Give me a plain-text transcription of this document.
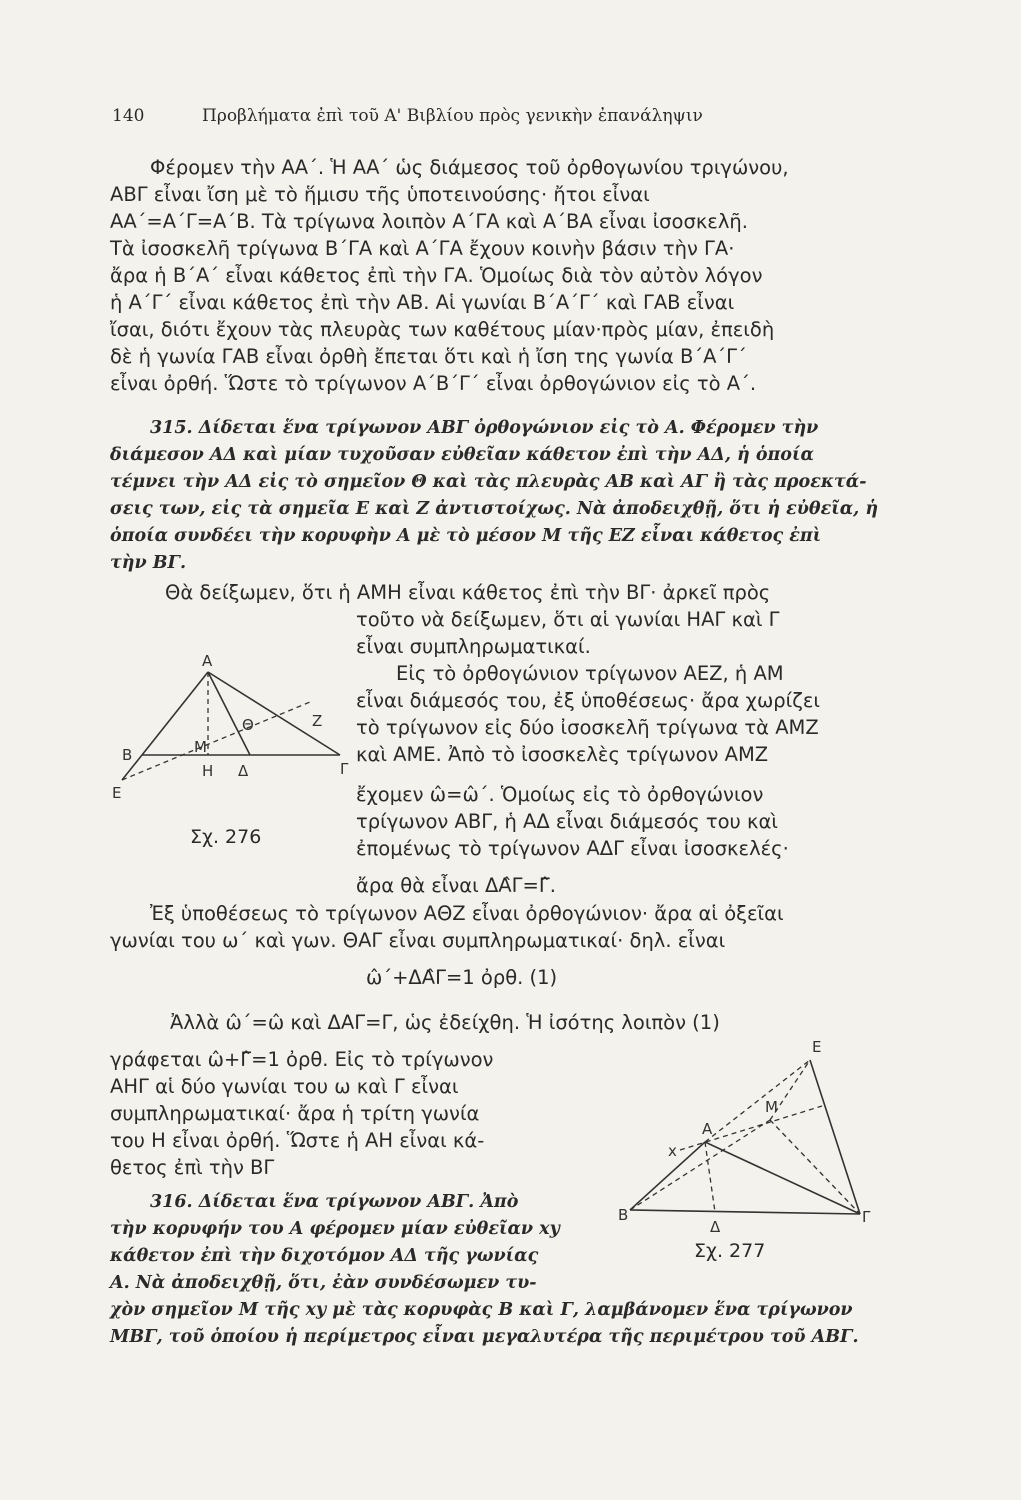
140	Προβλήματα ἐπὶ τοῦ Α' Βιβλίου πρὸς γενικὴν ἐπανάληψιν
Φέρομεν τὴν ΑΑ΄. Ἡ ΑΑ΄ ὡς διάμεσος τοῦ ὀρθογωνίου τριγώνου,
ΑΒΓ εἶναι ἴση μὲ τὸ ἥμισυ τῆς ὑποτεινούσης· ἤτοι εἶναι
ΑΑ΄=Α΄Γ=Α΄Β. Τὰ τρίγωνα λοιπὸν Α΄ΓΑ καὶ Α΄ΒΑ εἶναι ἰσοσκελῆ.
Τὰ ἰσοσκελῆ τρίγωνα Β΄ΓΑ καὶ Α΄ΓΑ ἔχουν κοινὴν βάσιν τὴν ΓΑ·
ἄρα ἡ Β΄Α΄ εἶναι κάθετος ἐπὶ τὴν ΓΑ. Ὁμοίως διὰ τὸν αὐτὸν λόγον
ἡ Α΄Γ΄ εἶναι κάθετος ἐπὶ τὴν ΑΒ. Αἱ γωνίαι Β΄Α΄Γ΄ καὶ ΓΑΒ εἶναι
ἴσαι, διότι ἔχουν τὰς πλευρὰς των καθέτους μίαν·πρὸς μίαν, ἐπειδὴ
δὲ ἡ γωνία ΓΑΒ εἶναι ὀρθὴ ἔπεται ὅτι καὶ ἡ ἴση της γωνία Β΄Α΄Γ΄
εἶναι ὀρθή. Ὥστε τὸ τρίγωνον Α΄Β΄Γ΄ εἶναι ὀρθογώνιον εἰς τὸ Α΄.
315. Δίδεται ἕνα τρίγωνον ΑΒΓ ὀρθογώνιον εἰς τὸ Α. Φέρομεν τὴν
διάμεσον ΑΔ καὶ μίαν τυχοῦσαν εὐθεῖαν κάθετον ἐπὶ τὴν ΑΔ, ἡ ὁποία
τέμνει τὴν ΑΔ εἰς τὸ σημεῖον Θ καὶ τὰς πλευρὰς ΑΒ καὶ ΑΓ ἢ τὰς προεκτά-
σεις των, εἰς τὰ σημεῖα Ε καὶ Ζ ἀντιστοίχως. Νὰ ἀποδειχθῇ, ὅτι ἡ εὐθεῖα, ἡ
ὁποία συνδέει τὴν κορυφὴν Α μὲ τὸ μέσον Μ τῆς ΕΖ εἶναι κάθετος ἐπὶ
τὴν ΒΓ.
Θὰ δείξωμεν, ὅτι ἡ ΑΜΗ εἶναι κάθετος ἐπὶ τὴν ΒΓ· ἀρκεῖ πρὸς
τοῦτο νὰ δείξωμεν, ὅτι αἱ γωνίαι ΗΑΓ καὶ Γ
εἶναι συμπληρωματικαί.
Εἰς τὸ ὀρθογώνιον τρίγωνον ΑΕΖ, ἡ ΑΜ
εἶναι διάμεσός του, ἐξ ὑποθέσεως· ἄρα χωρίζει
τὸ τρίγωνον εἰς δύο ἰσοσκελῆ τρίγωνα τὰ ΑΜΖ
καὶ ΑΜΕ. Ἀπὸ τὸ ἰσοσκελὲς τρίγωνον ΑΜΖ
ἔχομεν ω̂=ω̂΄. Ὁμοίως εἰς τὸ ὀρθογώνιον
τρίγωνον ΑΒΓ, ἡ ΑΔ εἶναι διάμεσός του καὶ
ἐπομένως τὸ τρίγωνον ΑΔΓ εἶναι ἰσοσκελές·
ἄρα θὰ εἶναι ΔΑ̂Γ=Γ̂.
Ἐξ ὑποθέσεως τὸ τρίγωνον ΑΘΖ εἶναι ὀρθογώνιον· ἄρα αἱ ὀξεῖαι
γωνίαι του ω΄ καὶ γων. ΘΑΓ εἶναι συμπληρωματικαί· δηλ. εἶναι
ω̂΄+ΔΑ̂Γ=1 ὀρθ. (1)
Ἀλλὰ ω̂΄=ω̂ καὶ ΔΑΓ=Γ, ὡς ἐδείχθη. Ἡ ἰσότης λοιπὸν (1)
γράφεται ω̂+Γ̂=1 ὀρθ. Εἰς τὸ τρίγωνον
ΑΗΓ αἱ δύο γωνίαι του ω καὶ Γ εἶναι
συμπληρωματικαί· ἄρα ἡ τρίτη γωνία
του Η εἶναι ὀρθή. Ὥστε ἡ ΑΗ εἶναι κά-
θετος ἐπὶ τὴν ΒΓ
316. Δίδεται ἕνα τρίγωνον ΑΒΓ. Ἀπὸ
τὴν κορυφήν του Α φέρομεν μίαν εὐθεῖαν xy
κάθετον ἐπὶ τὴν διχοτόμον ΑΔ τῆς γωνίας
Α. Νὰ ἀποδειχθῇ, ὅτι, ἐὰν συνδέσωμεν τυ-
χὸν σημεῖον Μ τῆς xy μὲ τὰς κορυφὰς Β καὶ Γ, λαμβάνομεν ἕνα τρίγωνον
ΜΒΓ, τοῦ ὁποίου ἡ περίμετρος εἶναι μεγαλυτέρα τῆς περιμέτρου τοῦ ΑΒΓ.
Α
Β
Γ
Ε
Ζ
Μ
Η Δ
Θ
Σχ. 276
Ε
Α
Μ
x
Β	Γ
Δ
Σχ. 277
